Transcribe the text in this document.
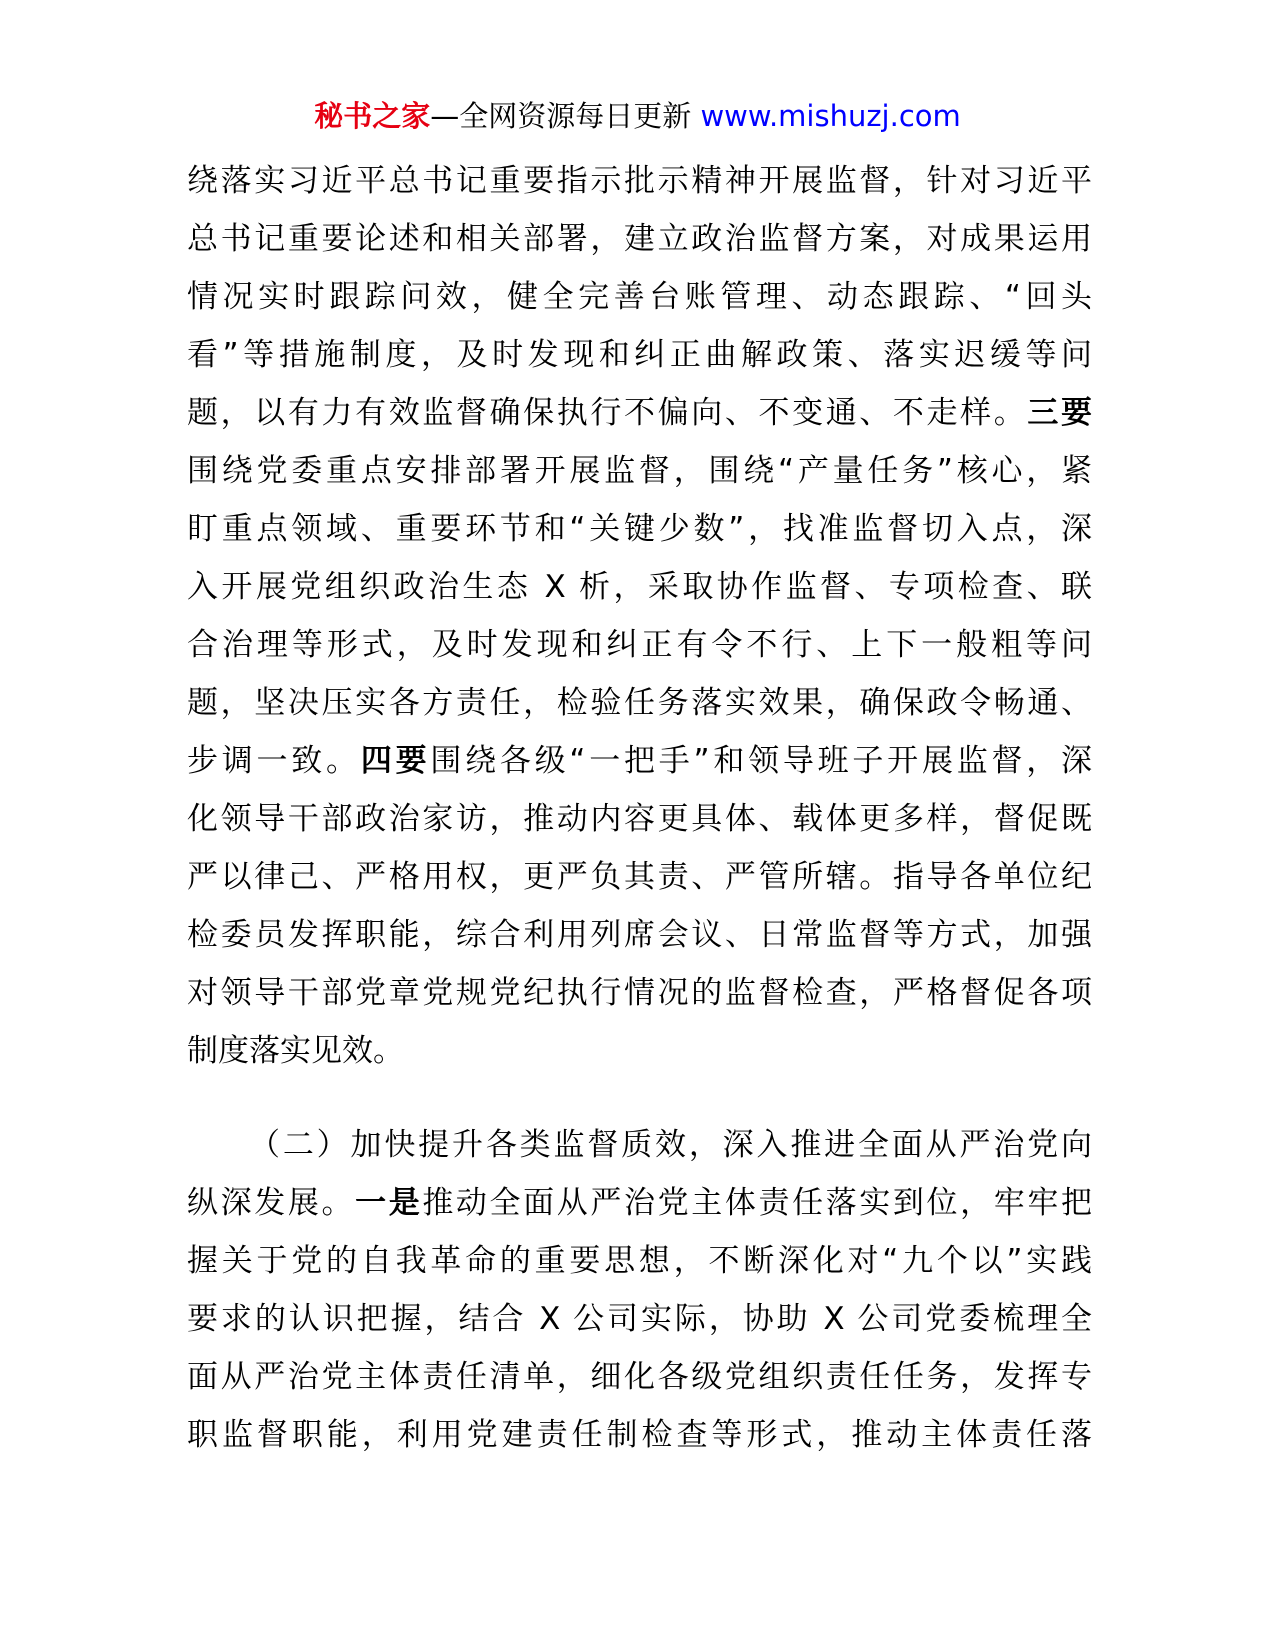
秘书之家—全网资源每日更新 www.mishuzj.com
绕落实习近平总书记重要指示批示精神开展监督，针对习近平
总书记重要论述和相关部署，建立政治监督方案，对成果运用
情况实时跟踪问效，健全完善台账管理、动态跟踪、“回头
看”等措施制度，及时发现和纠正曲解政策、落实迟缓等问
题，以有力有效监督确保执行不偏向、不变通、不走样。三要
围绕党委重点安排部署开展监督，围绕“产量任务”核心，紧
盯重点领域、重要环节和“关键少数”，找准监督切入点，深
入开展党组织政治生态 X 析，采取协作监督、专项检查、联
合治理等形式，及时发现和纠正有令不行、上下一般粗等问
题，坚决压实各方责任，检验任务落实效果，确保政令畅通、
步调一致。四要围绕各级“一把手”和领导班子开展监督，深
化领导干部政治家访，推动内容更具体、载体更多样，督促既
严以律己、严格用权，更严负其责、严管所辖。指导各单位纪
检委员发挥职能，综合利用列席会议、日常监督等方式，加强
对领导干部党章党规党纪执行情况的监督检查，严格督促各项
制度落实见效。
（二）加快提升各类监督质效，深入推进全面从严治党向
纵深发展。一是推动全面从严治党主体责任落实到位，牢牢把
握关于党的自我革命的重要思想，不断深化对“九个以”实践
要求的认识把握，结合 X 公司实际，协助 X 公司党委梳理全
面从严治党主体责任清单，细化各级党组织责任任务，发挥专
职监督职能，利用党建责任制检查等形式，推动主体责任落
